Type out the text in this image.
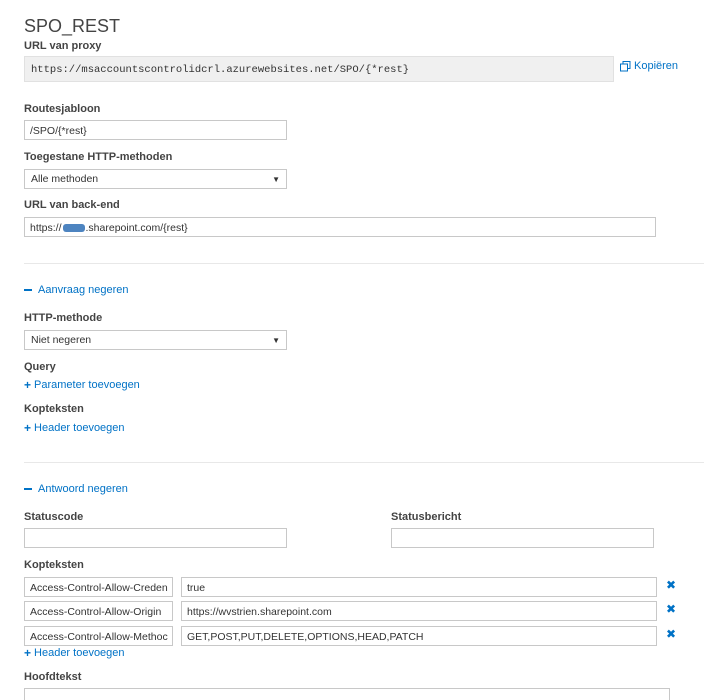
SPO_REST
URL van proxy
https://msaccountscontrolidcrl.azurewebsites.net/SPO/{*rest}	Kopiëren
Routesjabloon
/SPO/{*rest}
Toegestane HTTP-methoden
Alle methoden	▼
URL van back-end
https:// .sharepoint.com/{rest}
Aanvraag negeren
HTTP-methode
Niet negeren	▼
Query
+ Parameter toevoegen
Kopteksten
+ Header toevoegen
Antwoord negeren
Statuscode	Statusbericht
Kopteksten
Access-Control-Allow-Creden	true	✖
Access-Control-Allow-Origin	https://wvstrien.sharepoint.com	✖
Access-Control-Allow-Methoc	GET,POST,PUT,DELETE,OPTIONS,HEAD,PATCH	✖
+ Header toevoegen
Hoofdtekst
